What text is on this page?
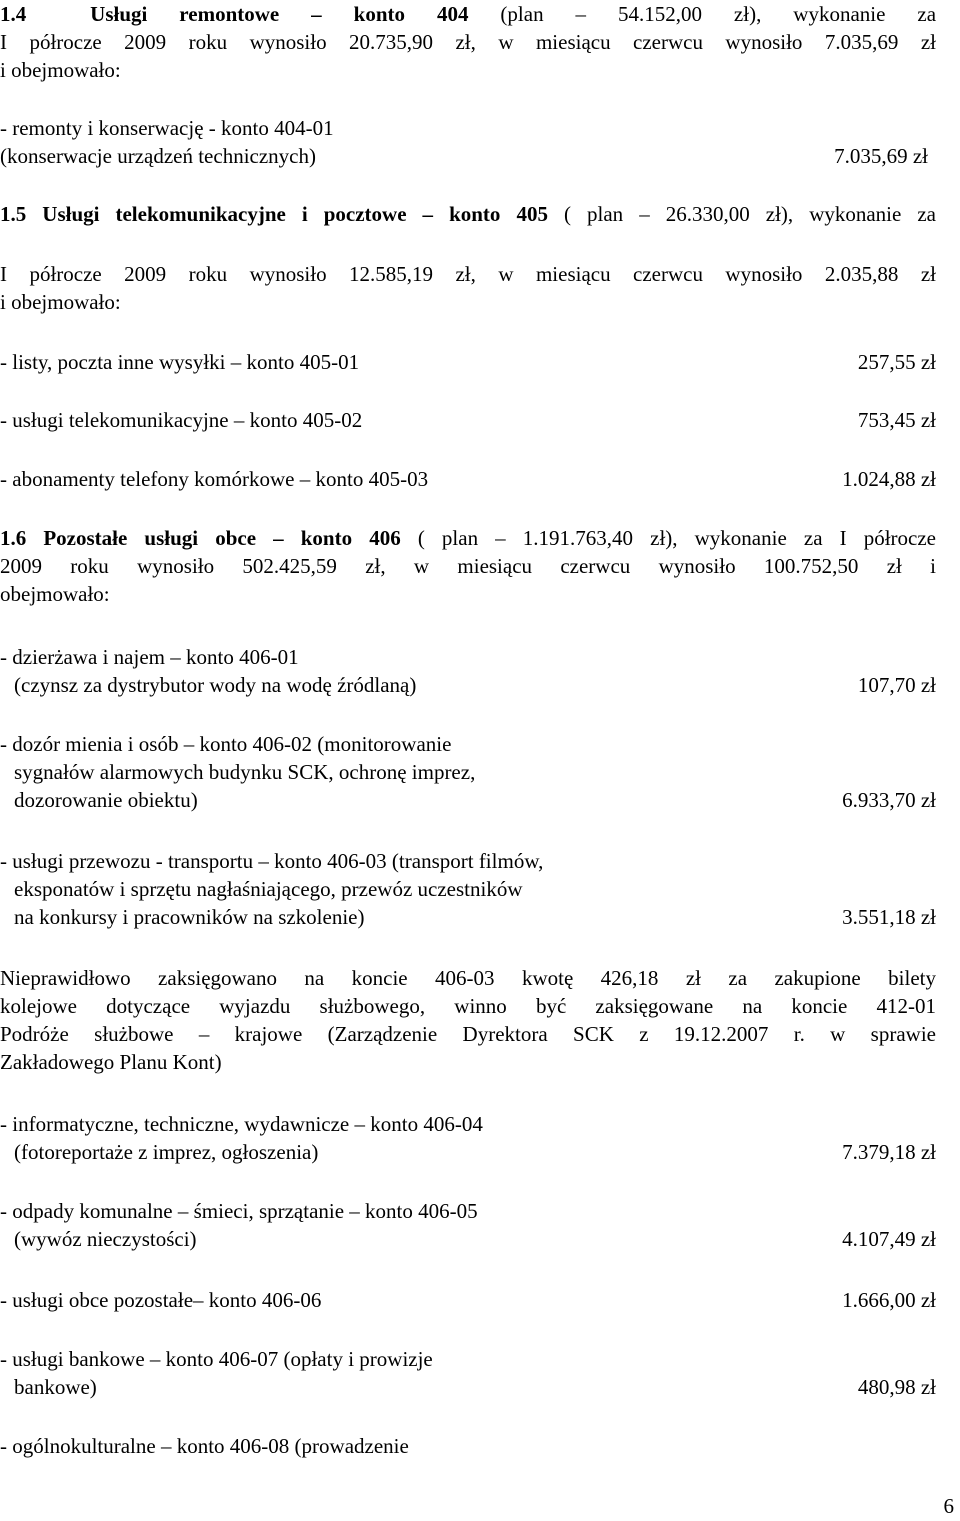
1.4	Usługi remontowe – konto 404 (plan – 54.152,00 zł), wykonanie za
I półrocze 2009 roku wynosiło 20.735,90 zł, w miesiącu czerwcu wynosiło 7.035,69 zł
i obejmowało:
- remonty i konserwację - konto 404-01
(konserwacje urządzeń technicznych)	7.035,69 zł
1.5 Usługi telekomunikacyjne i pocztowe – konto 405 ( plan – 26.330,00 zł), wykonanie za
I półrocze 2009 roku wynosiło 12.585,19 zł, w miesiącu czerwcu wynosiło 2.035,88 zł
i obejmowało:
- listy, poczta inne wysyłki – konto 405-01	257,55 zł
- usługi telekomunikacyjne – konto 405-02	753,45 zł
- abonamenty telefony komórkowe – konto 405-03	1.024,88 zł
1.6 Pozostałe usługi obce – konto 406 ( plan – 1.191.763,40 zł), wykonanie za I półrocze
2009 roku wynosiło 502.425,59 zł, w miesiącu czerwcu wynosiło 100.752,50 zł i
obejmowało:
- dzierżawa i najem – konto 406-01
(czynsz za dystrybutor wody na wodę źródlaną)	107,70 zł
- dozór mienia i osób – konto 406-02 (monitorowanie
sygnałów alarmowych budynku SCK, ochronę imprez,
dozorowanie obiektu)	6.933,70 zł
- usługi przewozu - transportu – konto 406-03 (transport filmów,
eksponatów i sprzętu nagłaśniającego, przewóz uczestników
na konkursy i pracowników na szkolenie)	3.551,18 zł
Nieprawidłowo zaksięgowano na koncie 406-03 kwotę 426,18 zł za zakupione bilety
kolejowe dotyczące wyjazdu służbowego, winno być zaksięgowane na koncie 412-01
Podróże służbowe – krajowe (Zarządzenie Dyrektora SCK z 19.12.2007 r. w sprawie
Zakładowego Planu Kont)
- informatyczne, techniczne, wydawnicze – konto 406-04
(fotoreportaże z imprez, ogłoszenia)	7.379,18 zł
- odpady komunalne – śmieci, sprzątanie – konto 406-05
(wywóz nieczystości)	4.107,49 zł
- usługi obce pozostałe– konto 406-06	1.666,00 zł
- usługi bankowe – konto 406-07 (opłaty i prowizje
bankowe)	480,98 zł
- ogólnokulturalne – konto 406-08 (prowadzenie
6
